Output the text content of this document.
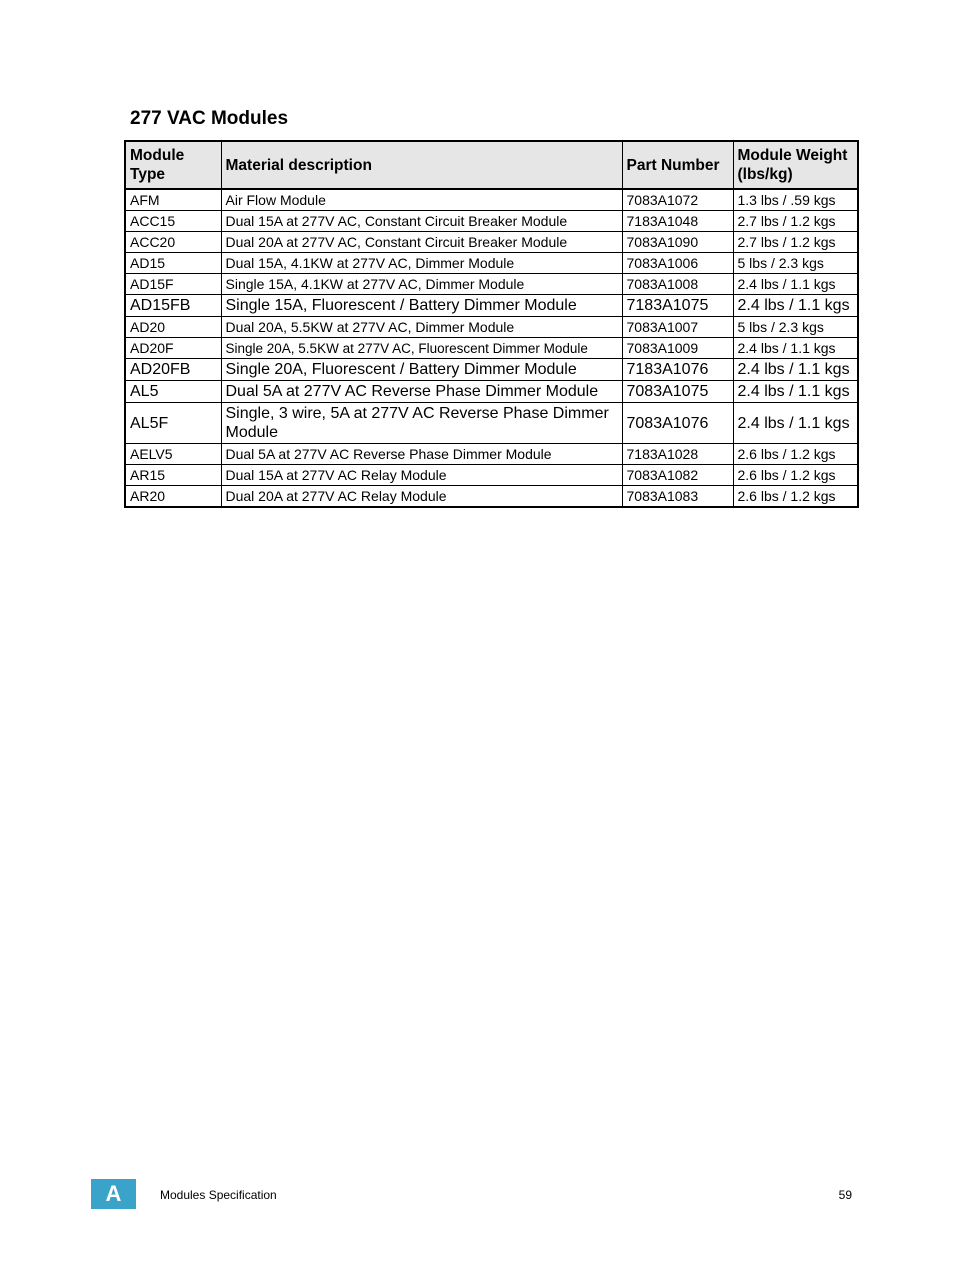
277 VAC Modules
Module Type	Material description	Part Number	Module Weight (lbs/kg)
AFM	Air Flow Module	7083A1072	1.3 lbs / .59 kgs
ACC15	Dual 15A at 277V AC, Constant Circuit Breaker Module	7183A1048	2.7 lbs / 1.2 kgs
ACC20	Dual 20A at 277V AC, Constant Circuit Breaker Module	7083A1090	2.7 lbs / 1.2 kgs
AD15	Dual 15A, 4.1KW at 277V AC, Dimmer Module	7083A1006	5 lbs / 2.3 kgs
AD15F	Single 15A, 4.1KW at 277V AC, Dimmer Module	7083A1008	2.4 lbs / 1.1 kgs
AD15FB	Single 15A, Fluorescent / Battery Dimmer Module	7183A1075	2.4 lbs / 1.1 kgs
AD20	Dual 20A, 5.5KW at 277V AC, Dimmer Module	7083A1007	5 lbs / 2.3 kgs
AD20F	Single 20A, 5.5KW at 277V AC, Fluorescent Dimmer Module	7083A1009	2.4 lbs / 1.1 kgs
AD20FB	Single 20A, Fluorescent / Battery Dimmer Module	7183A1076	2.4 lbs / 1.1 kgs
AL5	Dual 5A at 277V AC Reverse Phase Dimmer Module	7083A1075	2.4 lbs / 1.1 kgs
AL5F	Single, 3 wire, 5A at 277V AC Reverse Phase Dimmer Module	7083A1076	2.4 lbs / 1.1 kgs
AELV5	Dual 5A at 277V AC Reverse Phase Dimmer Module	7183A1028	2.6 lbs / 1.2 kgs
AR15	Dual 15A at 277V AC Relay Module	7083A1082	2.6 lbs / 1.2 kgs
AR20	Dual 20A at 277V AC Relay Module	7083A1083	2.6 lbs / 1.2 kgs
A	Modules Specification	59
